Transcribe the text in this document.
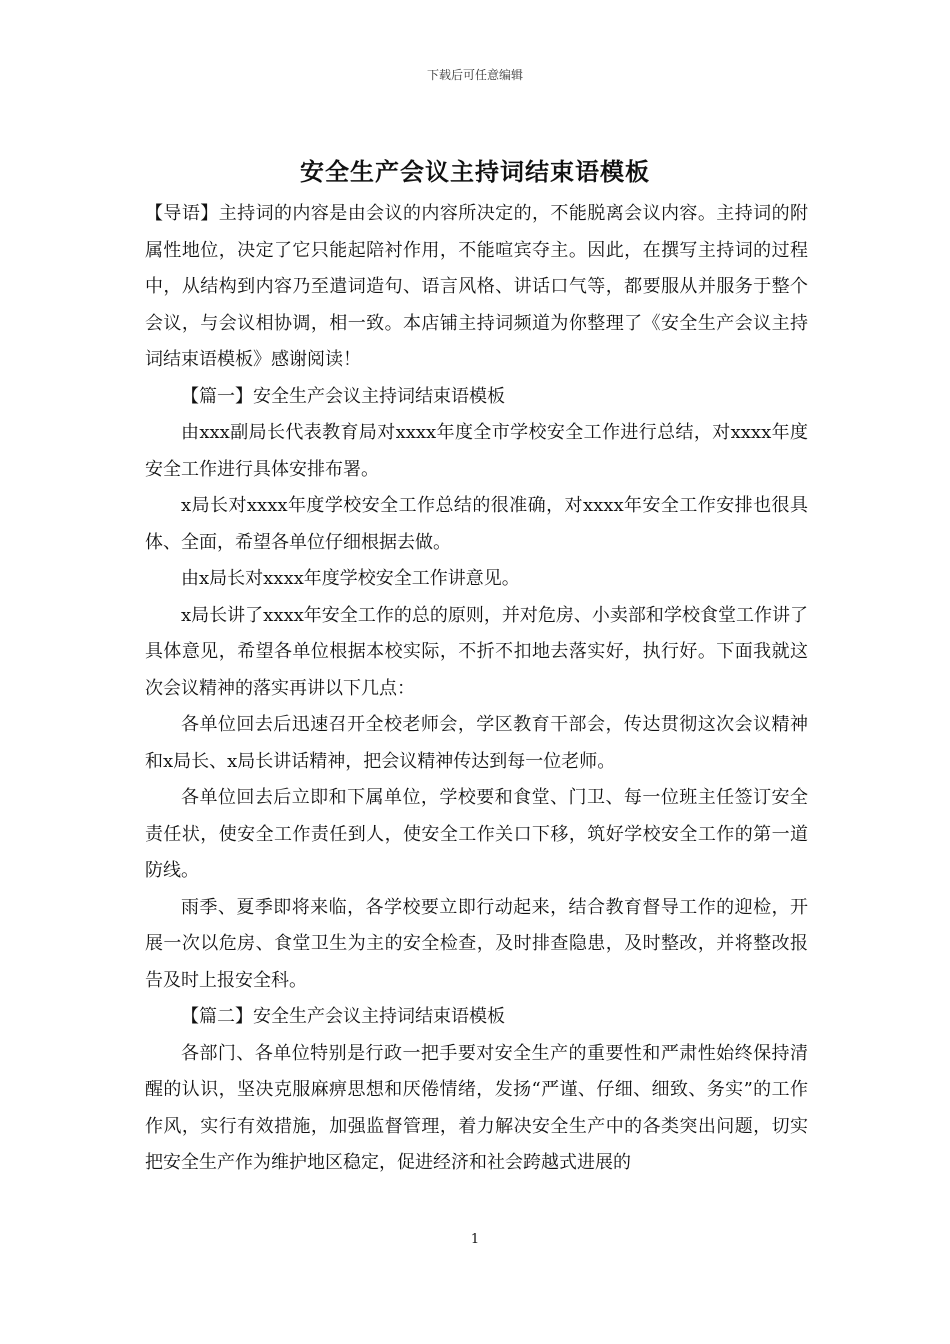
下载后可任意编辑
安全生产会议主持词结束语模板

【导语】主持词的内容是由会议的内容所决定的，不能脱离会议内容。主持词的附属性地位，决定了它只能起陪衬作用，不能喧宾夺主。因此，在撰写主持词的过程中，从结构到内容乃至遣词造句、语言风格、讲话口气等，都要服从并服务于整个会议，与会议相协调，相一致。本店铺主持词频道为你整理了《安全生产会议主持词结束语模板》感谢阅读！

【篇一】安全生产会议主持词结束语模板

由xxx副局长代表教育局对xxxx年度全市学校安全工作进行总结，对xxxx年度安全工作进行具体安排布署。

x局长对xxxx年度学校安全工作总结的很准确，对xxxx年安全工作安排也很具体、全面，希望各单位仔细根据去做。

由x局长对xxxx年度学校安全工作讲意见。

x局长讲了xxxx年安全工作的总的原则，并对危房、小卖部和学校食堂工作讲了具体意见，希望各单位根据本校实际，不折不扣地去落实好，执行好。下面我就这次会议精神的落实再讲以下几点：

各单位回去后迅速召开全校老师会，学区教育干部会，传达贯彻这次会议精神和x局长、x局长讲话精神，把会议精神传达到每一位老师。

各单位回去后立即和下属单位，学校要和食堂、门卫、每一位班主任签订安全责任状，使安全工作责任到人，使安全工作关口下移，筑好学校安全工作的第一道防线。

雨季、夏季即将来临，各学校要立即行动起来，结合教育督导工作的迎检，开展一次以危房、食堂卫生为主的安全检查，及时排查隐患，及时整改，并将整改报告及时上报安全科。

【篇二】安全生产会议主持词结束语模板

各部门、各单位特别是行政一把手要对安全生产的重要性和严肃性始终保持清醒的认识，坚决克服麻痹思想和厌倦情绪，发扬“严谨、仔细、细致、务实”的工作作风，实行有效措施，加强监督管理，着力解决安全生产中的各类突出问题，切实把安全生产作为维护地区稳定，促进经济和社会跨越式进展的

1
